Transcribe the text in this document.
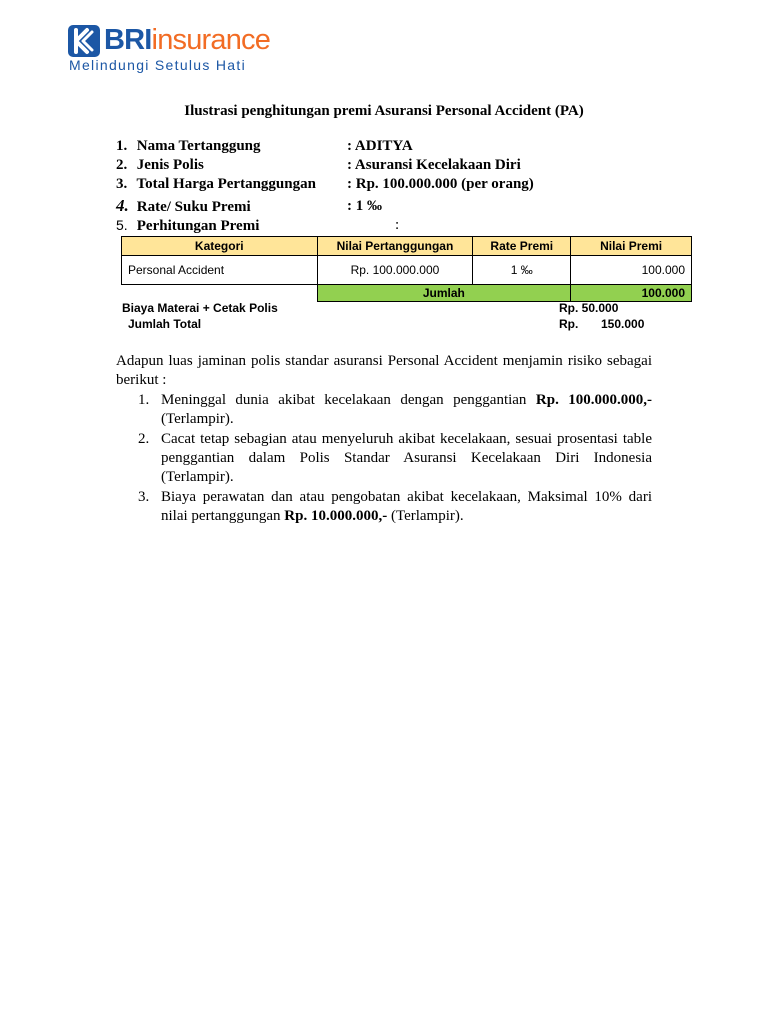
BRIinsurance
Melindungi Setulus Hati
Ilustrasi penghitungan premi Asuransi Personal Accident (PA)
1. Nama Tertanggung	: ADITYA
2. Jenis Polis	: Asuransi Kecelakaan Diri
3. Total Harga Pertanggungan : Rp. 100.000.000 (per orang)
4. Rate/ Suku Premi	: 1 ‰
5. Perhitungan Premi	:
Kategori	Nilai Pertanggungan	Rate Premi	Nilai Premi
Personal Accident	Rp. 100.000.000	1 ‰	100.000
	Jumlah		100.000
Biaya Materai + Cetak Polis	Rp. 50.000
Jumlah Total	Rp. 150.000
Adapun luas jaminan polis standar asuransi Personal Accident menjamin risiko sebagai berikut :
1. Meninggal dunia akibat kecelakaan dengan penggantian Rp. 100.000.000,- (Terlampir).
2. Cacat tetap sebagian atau menyeluruh akibat kecelakaan, sesuai prosentasi table penggantian dalam Polis Standar Asuransi Kecelakaan Diri Indonesia (Terlampir).
3. Biaya perawatan dan atau pengobatan akibat kecelakaan, Maksimal 10% dari nilai pertanggungan Rp. 10.000.000,- (Terlampir).
